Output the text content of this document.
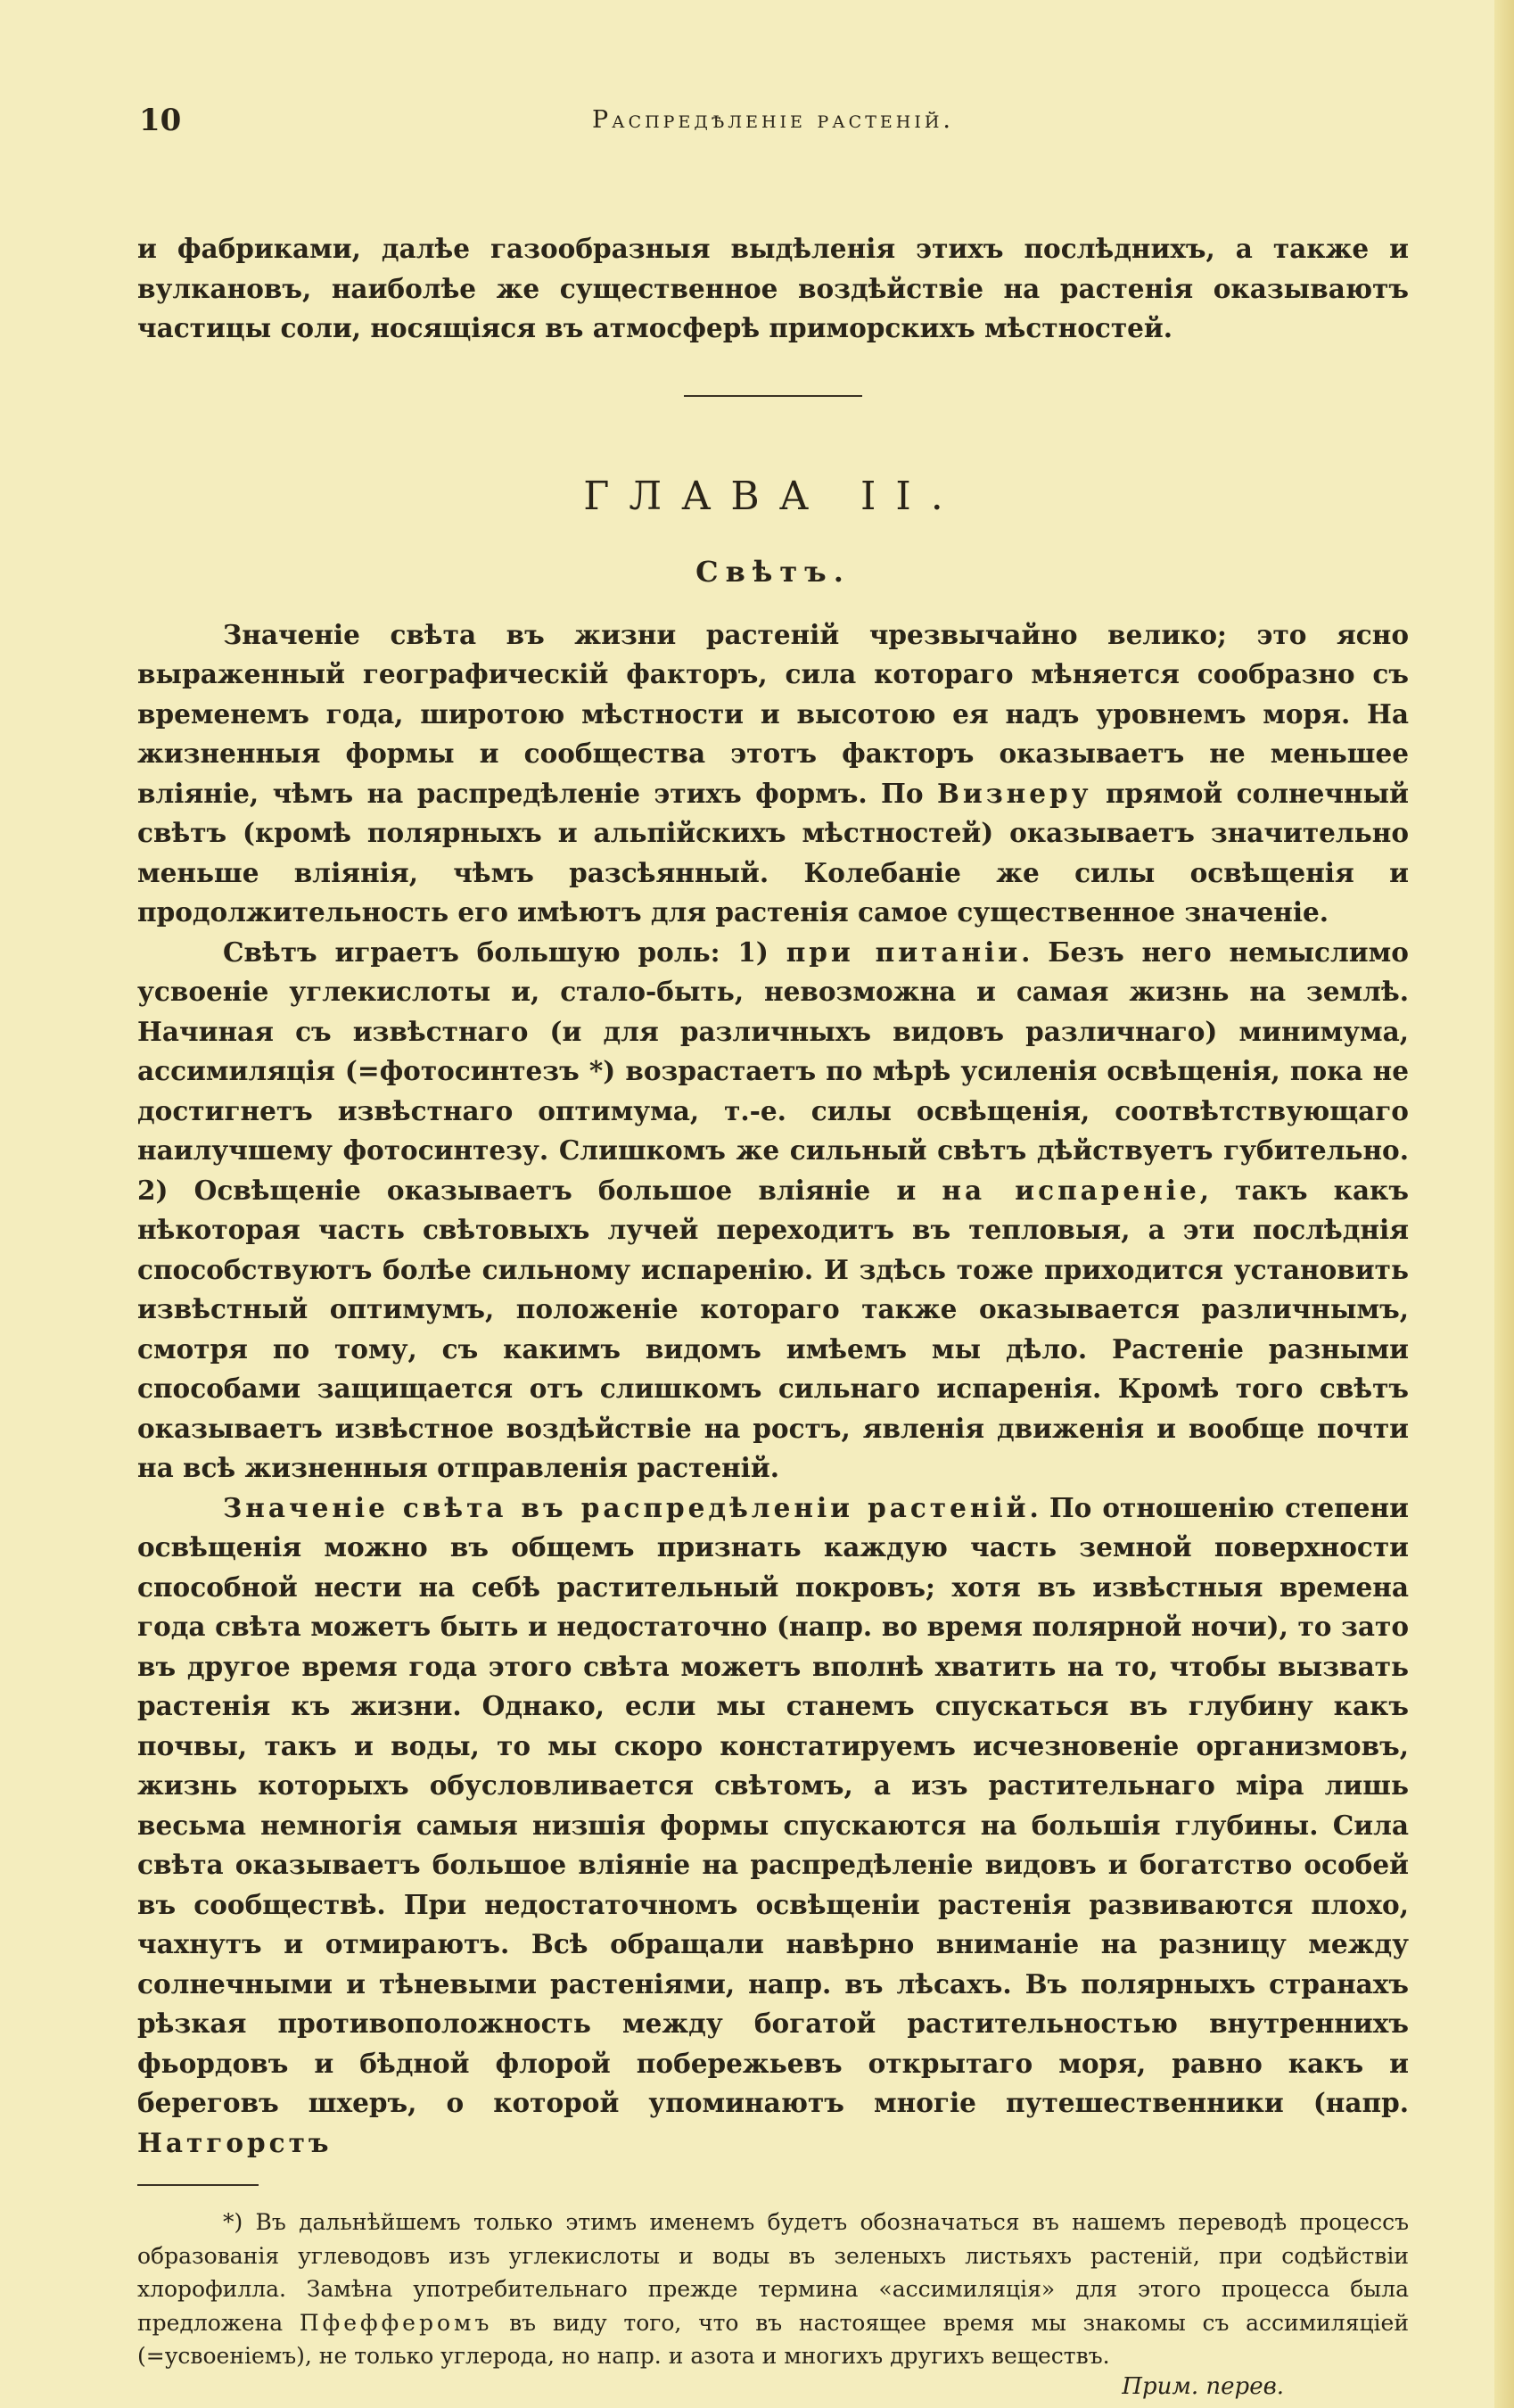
10	Распредѣленіе растеній.

и фабриками, далѣе газообразныя выдѣленія этихъ послѣднихъ, а также и вулкановъ, наиболѣе же существенное воздѣйствіе на растенія оказываютъ частицы соли, носящіяся въ атмосферѣ приморскихъ мѣстностей.

ГЛАВА II.
Свѣтъ.

Значеніе свѣта въ жизни растеній чрезвычайно велико; это ясно выраженный географическій факторъ, сила котораго мѣняется сообразно съ временемъ года, широтою мѣстности и высотою ея надъ уровнемъ моря. На жизненныя формы и сообщества этотъ факторъ оказываетъ не меньшее вліяніе, чѣмъ на распредѣленіе этихъ формъ. По Визнеру прямой солнечный свѣтъ (кромѣ полярныхъ и альпійскихъ мѣстностей) оказываетъ значительно меньше вліянія, чѣмъ разсѣянный. Колебаніе же силы освѣщенія и продолжительность его имѣютъ для растенія самое существенное значеніе.

Свѣтъ играетъ большую роль: 1) при питаніи. Безъ него немыслимо усвоеніе углекислоты и, стало-быть, невозможна и самая жизнь на землѣ. Начиная съ извѣстнаго (и для различныхъ видовъ различнаго) минимума, ассимиляція (=фотосинтезъ *) возрастаетъ по мѣрѣ усиленія освѣщенія, пока не достигнетъ извѣстнаго оптимума, т.-е. силы освѣщенія, соотвѣтствующаго наилучшему фотосинтезу. Слишкомъ же сильный свѣтъ дѣйствуетъ губительно. 2) Освѣщеніе оказываетъ большое вліяніе и на испареніе, такъ какъ нѣкоторая часть свѣтовыхъ лучей переходитъ въ тепловыя, а эти послѣднія способствуютъ болѣе сильному испаренію. И здѣсь тоже приходится установить извѣстный оптимумъ, положеніе котораго также оказывается различнымъ, смотря по тому, съ какимъ видомъ имѣемъ мы дѣло. Растеніе разными способами защищается отъ слишкомъ сильнаго испаренія. Кромѣ того свѣтъ оказываетъ извѣстное воздѣйствіе на ростъ, явленія движенія и вообще почти на всѣ жизненныя отправленія растеній.

Значеніе свѣта въ распредѣленіи растеній. По отношенію степени освѣщенія можно въ общемъ признать каждую часть земной поверхности способной нести на себѣ растительный покровъ; хотя въ извѣстныя времена года свѣта можетъ быть и недостаточно (напр. во время полярной ночи), то зато въ другое время года этого свѣта можетъ вполнѣ хватить на то, чтобы вызвать растенія къ жизни. Однако, если мы станемъ спускаться въ глубину какъ почвы, такъ и воды, то мы скоро констатируемъ исчезновеніе организмовъ, жизнь которыхъ обусловливается свѣтомъ, а изъ растительнаго міра лишь весьма немногія самыя низшія формы спускаются на большія глубины. Сила свѣта оказываетъ большое вліяніе на распредѣленіе видовъ и богатство особей въ сообществѣ. При недостаточномъ освѣщеніи растенія развиваются плохо, чахнутъ и отмираютъ. Всѣ обращали навѣрно вниманіе на разницу между солнечными и тѣневыми растеніями, напр. въ лѣсахъ. Въ полярныхъ странахъ рѣзкая противоположность между богатой растительностью внутреннихъ фьордовъ и бѣдной флорой побережьевъ открытаго моря, равно какъ и береговъ шхеръ, о которой упоминаютъ многіе путешественники (напр. Натгорстъ

*) Въ дальнѣйшемъ только этимъ именемъ будетъ обозначаться въ нашемъ переводѣ процессъ образованія углеводовъ изъ углекислоты и воды въ зеленыхъ листьяхъ растеній, при содѣйствіи хлорофилла. Замѣна употребительнаго прежде термина «ассимиляція» для этого процесса была предложена Пфефферомъ въ виду того, что въ настоящее время мы знакомы съ ассимиляціей (=усвоеніемъ), не только углерода, но напр. и азота и многихъ другихъ веществъ.

Прим. перев.
